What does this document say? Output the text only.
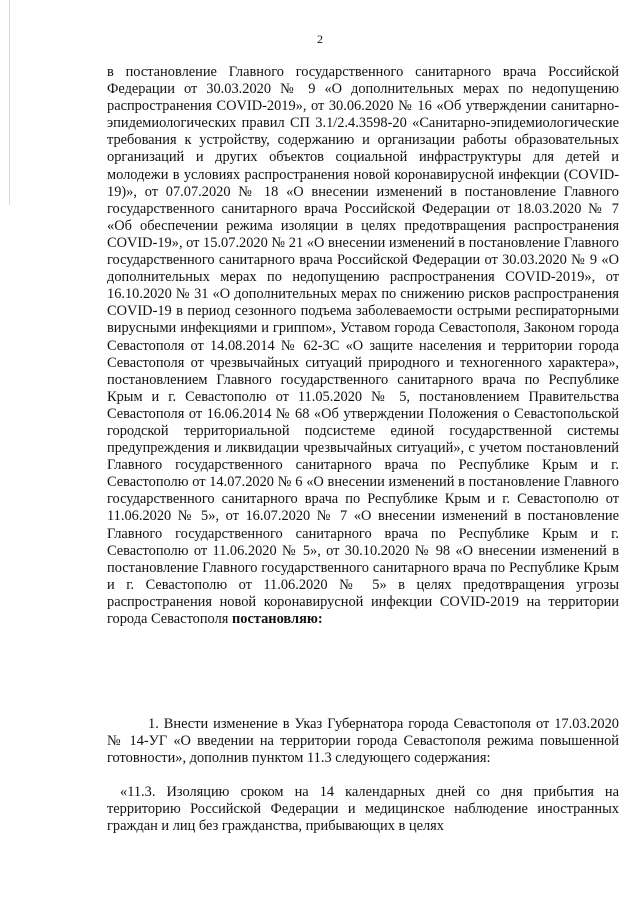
2

в постановление Главного государственного санитарного врача Российской Федерации от 30.03.2020 № 9 «О дополнительных мерах по недопущению распространения COVID-2019», от 30.06.2020 № 16 «Об утверждении санитарно-эпидемиологических правил СП 3.1/2.4.3598-20 «Санитарно-эпидемиологические требования к устройству, содержанию и организации работы образовательных организаций и других объектов социальной инфраструктуры для детей и молодежи в условиях распространения новой коронавирусной инфекции (COVID-19)», от 07.07.2020 № 18 «О внесении изменений в постановление Главного государственного санитарного врача Российской Федерации от 18.03.2020 № 7 «Об обеспечении режима изоляции в целях предотвращения распространения COVID-19», от 15.07.2020 № 21 «О внесении изменений в постановление Главного государственного санитарного врача Российской Федерации от 30.03.2020 № 9 «О дополнительных мерах по недопущению распространения COVID-2019», от 16.10.2020 № 31 «О дополнительных мерах по снижению рисков распространения COVID-19 в период сезонного подъема заболеваемости острыми респираторными вирусными инфекциями и гриппом», Уставом города Севастополя, Законом города Севастополя от 14.08.2014 № 62-ЗС «О защите населения и территории города Севастополя от чрезвычайных ситуаций природного и техногенного характера», постановлением Главного государственного санитарного врача по Республике Крым и г. Севастополю от 11.05.2020 № 5, постановлением Правительства Севастополя от 16.06.2014 № 68 «Об утверждении Положения о Севастопольской городской территориальной подсистеме единой государственной системы предупреждения и ликвидации чрезвычайных ситуаций», с учетом постановлений Главного государственного санитарного врача по Республике Крым и г. Севастополю от 14.07.2020 № 6 «О внесении изменений в постановление Главного государственного санитарного врача по Республике Крым и г. Севастополю от 11.06.2020 № 5», от 16.07.2020 № 7 «О внесении изменений в постановление Главного государственного санитарного врача по Республике Крым и г. Севастополю от 11.06.2020 № 5», от 30.10.2020 № 98 «О внесении изменений в постановление Главного государственного санитарного врача по Республике Крым и г. Севастополю от 11.06.2020 № 5» в целях предотвращения угрозы распространения новой коронавирусной инфекции COVID-2019 на территории города Севастополя постановляю:

1. Внести изменение в Указ Губернатора города Севастополя от 17.03.2020 № 14-УГ «О введении на территории города Севастополя режима повышенной готовности», дополнив пунктом 11.3 следующего содержания:

«11.3. Изоляцию сроком на 14 календарных дней со дня прибытия на территорию Российской Федерации и медицинское наблюдение иностранных граждан и лиц без гражданства, прибывающих в целях
